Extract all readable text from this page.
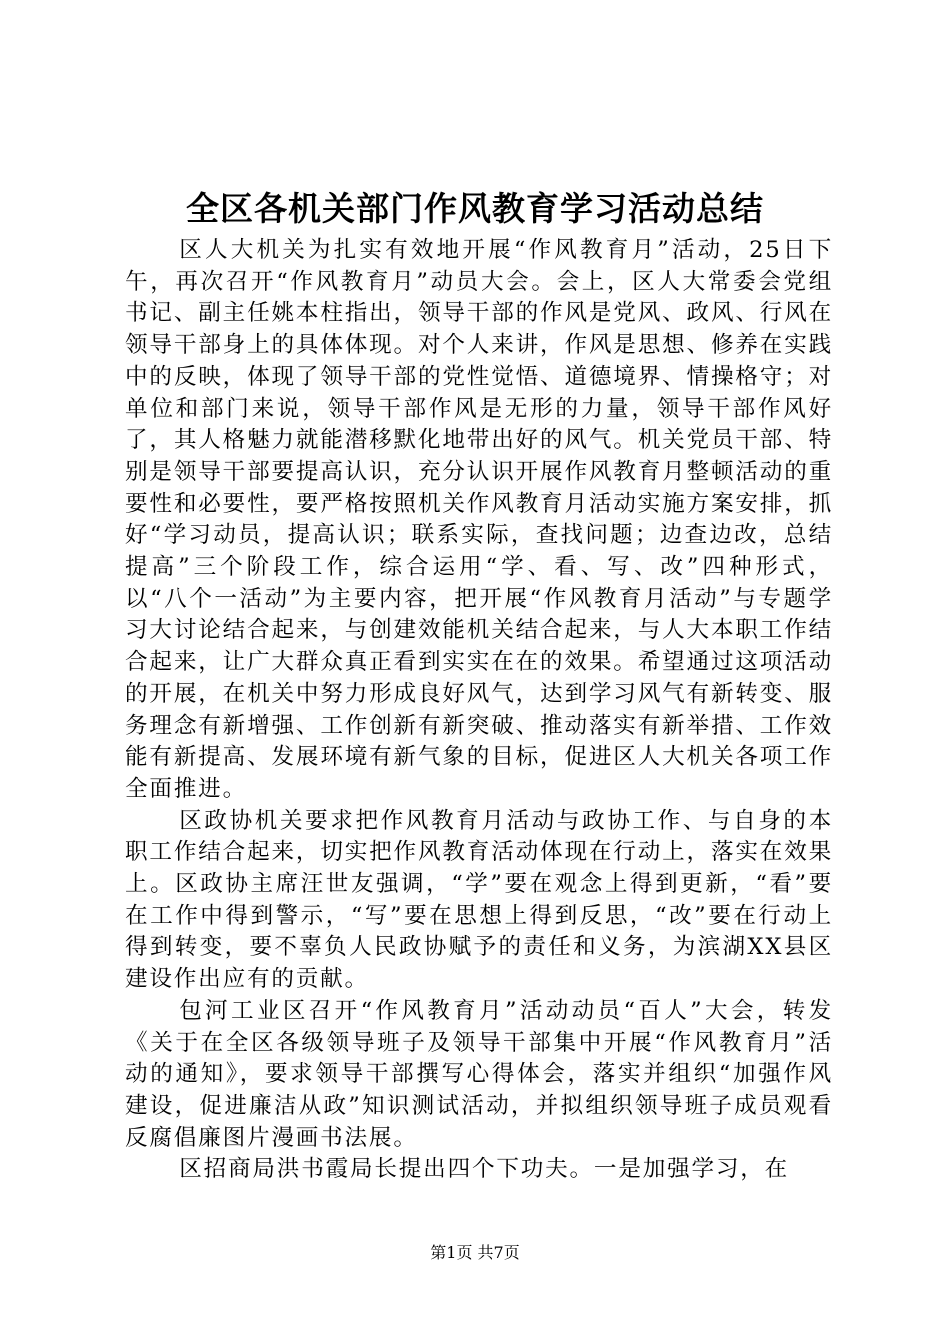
全区各机关部门作风教育学习活动总结

区人大机关为扎实有效地开展“作风教育月”活动，25日下午，再次召开“作风教育月”动员大会。会上，区人大常委会党组书记、副主任姚本柱指出，领导干部的作风是党风、政风、行风在领导干部身上的具体体现。对个人来讲，作风是思想、修养在实践中的反映，体现了领导干部的党性觉悟、道德境界、情操格守；对单位和部门来说，领导干部作风是无形的力量，领导干部作风好了，其人格魅力就能潜移默化地带出好的风气。机关党员干部、特别是领导干部要提高认识，充分认识开展作风教育月整顿活动的重要性和必要性，要严格按照机关作风教育月活动实施方案安排，抓好“学习动员，提高认识；联系实际，查找问题；边查边改，总结提高”三个阶段工作，综合运用“学、看、写、改”四种形式，以“八个一活动”为主要内容，把开展“作风教育月活动”与专题学习大讨论结合起来，与创建效能机关结合起来，与人大本职工作结合起来，让广大群众真正看到实实在在的效果。希望通过这项活动的开展，在机关中努力形成良好风气，达到学习风气有新转变、服务理念有新增强、工作创新有新突破、推动落实有新举措、工作效能有新提高、发展环境有新气象的目标，促进区人大机关各项工作全面推进。

区政协机关要求把作风教育月活动与政协工作、与自身的本职工作结合起来，切实把作风教育活动体现在行动上，落实在效果上。区政协主席汪世友强调，“学”要在观念上得到更新，“看”要在工作中得到警示，“写”要在思想上得到反思，“改”要在行动上得到转变，要不辜负人民政协赋予的责任和义务，为滨湖XX县区建设作出应有的贡献。

包河工业区召开“作风教育月”活动动员“百人”大会，转发《关于在全区各级领导班子及领导干部集中开展“作风教育月”活动的通知》，要求领导干部撰写心得体会，落实并组织“加强作风建设，促进廉洁从政”知识测试活动，并拟组织领导班子成员观看反腐倡廉图片漫画书法展。

区招商局洪书霞局长提出四个下功夫。一是加强学习，在

第1页 共7页
